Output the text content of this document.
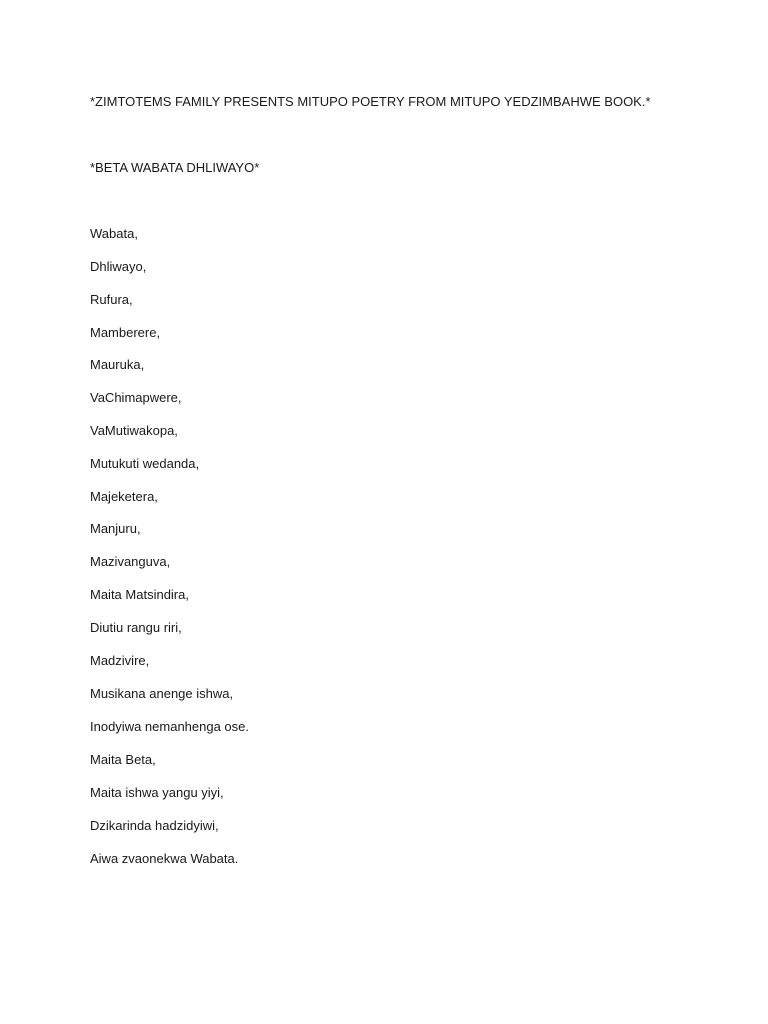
*ZIMTOTEMS FAMILY PRESENTS MITUPO POETRY FROM MITUPO YEDZIMBAHWE BOOK.*
*BETA WABATA DHLIWAYO*
Wabata,
Dhliwayo,
Rufura,
Mamberere,
Mauruka,
VaChimapwere,
VaMutiwakopa,
Mutukuti wedanda,
Majeketera,
Manjuru,
Mazivanguva,
Maita Matsindira,
Diutiu rangu riri,
Madzivire,
Musikana anenge ishwa,
Inodyiwa nemanhenga ose.
Maita Beta,
Maita ishwa yangu yiyi,
Dzikarinda hadzidyiwi,
Aiwa zvaonekwa Wabata.
